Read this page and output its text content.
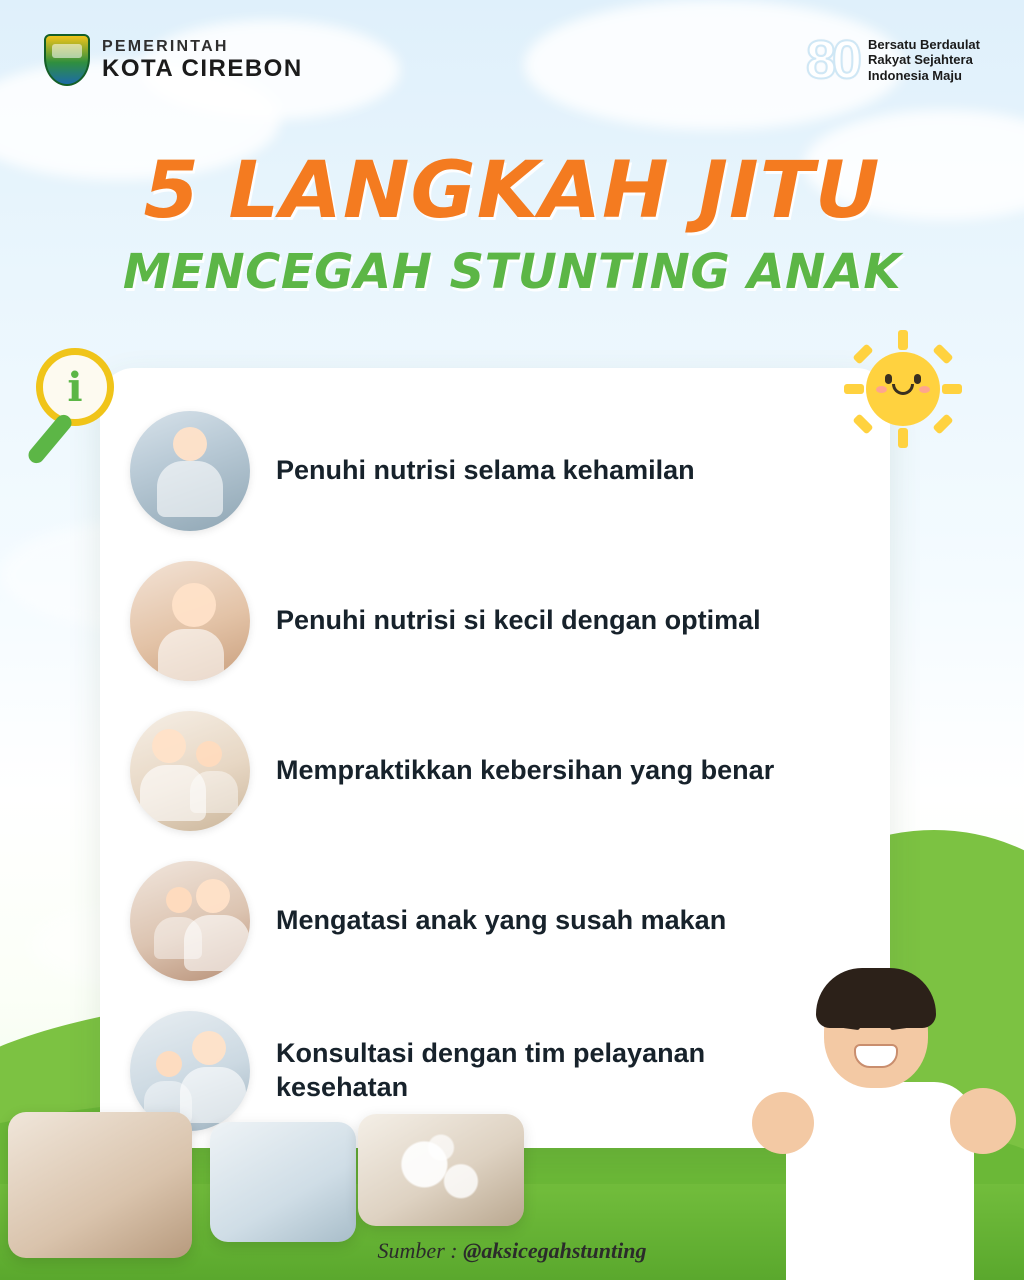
PEMERINTAH
KOTA CIREBON	80 Bersatu Berdaulat
Rakyat Sejahtera
Indonesia Maju
5 LANGKAH JITU
MENCEGAH STUNTING ANAK
i
Penuhi nutrisi selama kehamilan
Penuhi nutrisi si kecil dengan optimal
Mempraktikkan kebersihan yang benar
Mengatasi anak yang susah makan
Konsultasi dengan tim pelayanan kesehatan
Sumber : @aksicegahstunting
